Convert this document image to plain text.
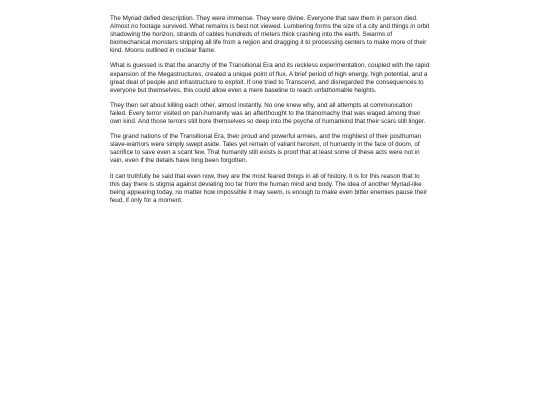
The Myriad defied description. They were immense. They were divine. Everyone that saw them in person died. Almost no footage survived. What remains is best not viewed. Lumbering forms the size of a city and things in orbit shadowing the horizon, strands of cables hundreds of meters thick crashing into the earth. Swarms of biomechanical monsters stripping all life from a region and dragging it to processing centers to make more of their kind. Moons outlined in nuclear flame.

What is guessed is that the anarchy of the Transitional Era and its reckless experimentation, coupled with the rapid expansion of the Megastructures, created a unique point of flux. A brief period of high energy, high potential, and a great deal of people and infrastructure to exploit. If one tried to Transcend, and disregarded the consequences to everyone but themselves, this could allow even a mere baseline to reach unfathomable heights.

They then set about killing each other, almost instantly. No one knew why, and all attempts at communication failed. Every terror visited on pan-humanity was an afterthought to the titanomachy that was waged among their own kind. And those terrors still bore themselves so deep into the psyche of humankind that their scars still linger.

The grand nations of the Transitional Era, their proud and powerful armies, and the mightiest of their posthuman slave-warriors were simply swept aside. Tales yet remain of valiant heroism, of humanity in the face of doom, of sacrifice to save even a scant few. That humanity still exists is proof that at least some of these acts were not in vain, even if the details have long been forgotten.

It can truthfully be said that even now, they are the most feared things in all of history. It is for this reason that to this day there is stigma against deviating too far from the human mind and body. The idea of another Myriad-like being appearing today, no matter how impossible it may seem, is enough to make even bitter enemies pause their feud, if only for a moment.
